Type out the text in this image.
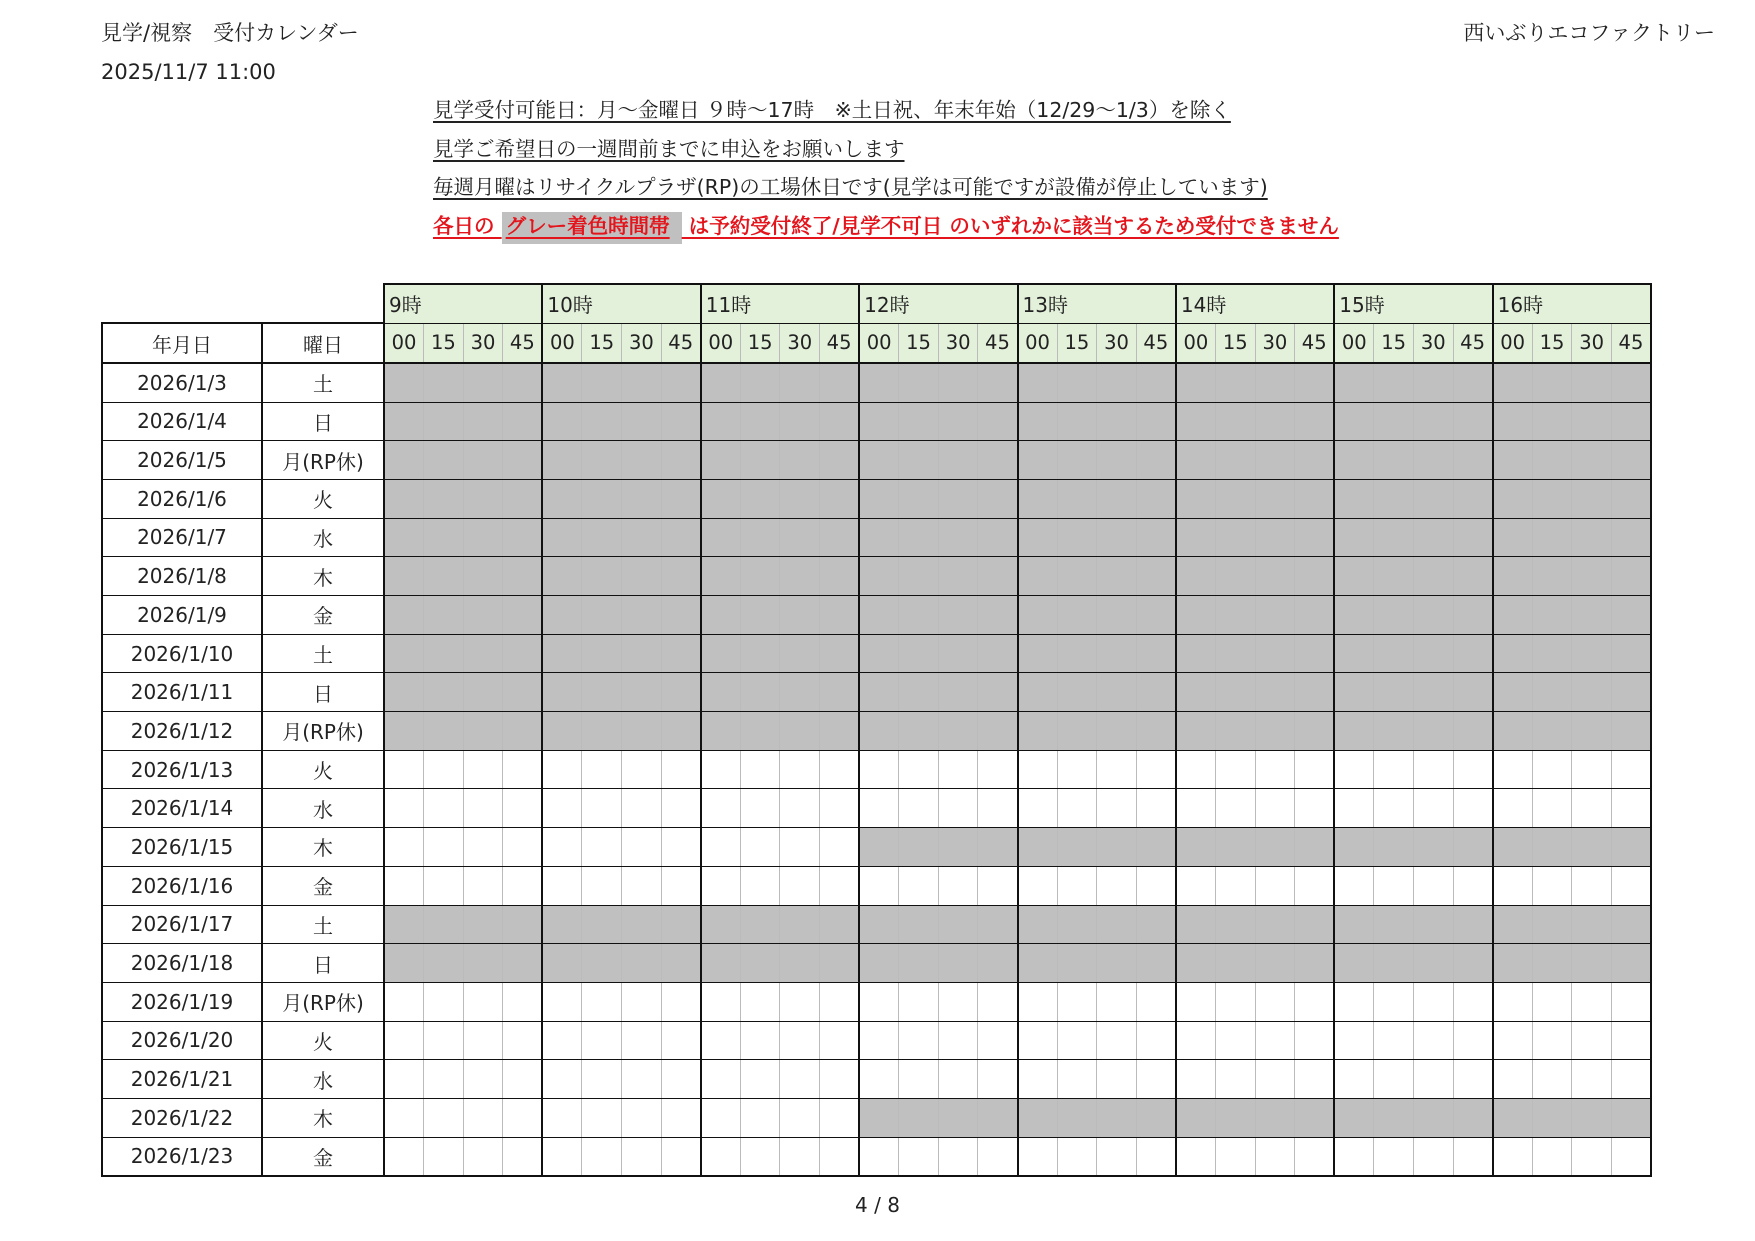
見学/視察　受付カレンダー
2025/11/7 11:00
西いぶりエコファクトリー
見学受付可能日：月～金曜日 ９時～17時　※土日祝、年末年始（12/29～1/3）を除く
見学ご希望日の一週間前までに申込をお願いします
毎週月曜はリサイクルプラザ(RP)の工場休日です(見学は可能ですが設備が停止しています)
各日の グレー着色時間帯 は予約受付終了/見学不可日 のいずれかに該当するため受付できません
		9時				10時				11時				12時				13時				14時				15時				16時			
年月日	曜日	00	15	30	45	00	15	30	45	00	15	30	45	00	15	30	45	00	15	30	45	00	15	30	45	00	15	30	45	00	15	30	45
2026/1/3	土																																
2026/1/4	日																																
2026/1/5	月(RP休)																																
2026/1/6	火																																
2026/1/7	水																																
2026/1/8	木																																
2026/1/9	金																																
2026/1/10	土																																
2026/1/11	日																																
2026/1/12	月(RP休)																																
2026/1/13	火																																
2026/1/14	水																																
2026/1/15	木																																
2026/1/16	金																																
2026/1/17	土																																
2026/1/18	日																																
2026/1/19	月(RP休)																																
2026/1/20	火																																
2026/1/21	水																																
2026/1/22	木																																
2026/1/23	金																																
4 / 8
